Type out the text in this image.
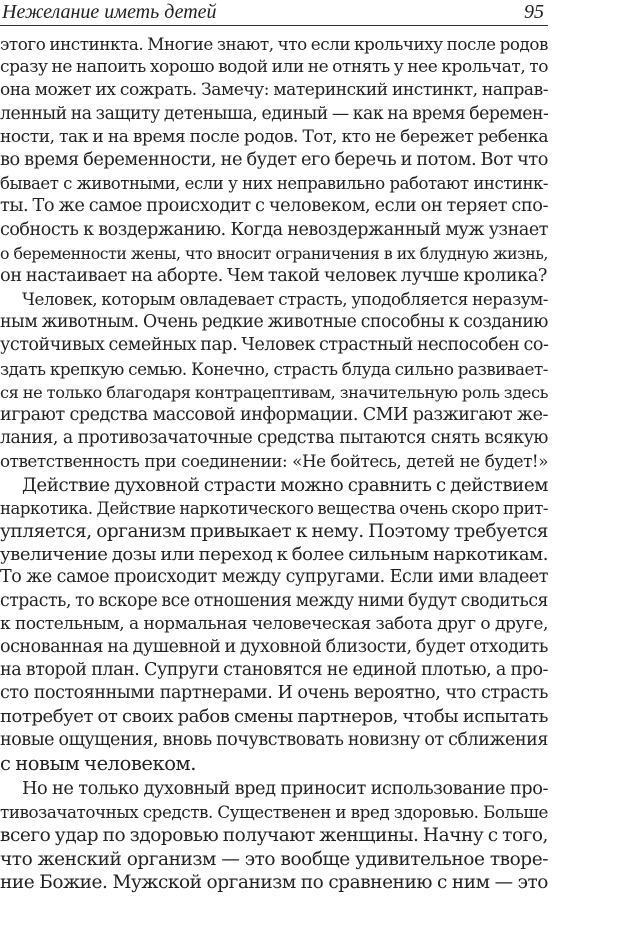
Нежелание иметь детей	95
этого инстинкта. Многие знают, что если крольчиху после родов
сразу не напоить хорошо водой или не отнять у нее крольчат, то
она может их сожрать. Замечу: материнский инстинкт, направ-
ленный на защиту детеныша, единый — как на время беремен-
ности, так и на время после родов. Тот, кто не бережет ребенка
во время беременности, не будет его беречь и потом. Вот что
бывает с животными, если у них неправильно работают инстинк-
ты. То же самое происходит с человеком, если он теряет спо-
собность к воздержанию. Когда невоздержанный муж узнает
о беременности жены, что вносит ограничения в их блудную жизнь,
он настаивает на аборте. Чем такой человек лучше кролика?
Человек, которым овладевает страсть, уподобляется неразум-
ным животным. Очень редкие животные способны к созданию
устойчивых семейных пар. Человек страстный неспособен со-
здать крепкую семью. Конечно, страсть блуда сильно развивает-
ся не только благодаря контрацептивам, значительную роль здесь
играют средства массовой информации. СМИ разжигают же-
лания, а противозачаточные средства пытаются снять всякую
ответственность при соединении: «Не бойтесь, детей не будет!»
Действие духовной страсти можно сравнить с действием
наркотика. Действие наркотического вещества очень скоро прит-
упляется, организм привыкает к нему. Поэтому требуется
увеличение дозы или переход к более сильным наркотикам.
То же самое происходит между супругами. Если ими владеет
страсть, то вскоре все отношения между ними будут сводиться
к постельным, а нормальная человеческая забота друг о друге,
основанная на душевной и духовной близости, будет отходить
на второй план. Супруги становятся не единой плотью, а про-
сто постоянными партнерами. И очень вероятно, что страсть
потребует от своих рабов смены партнеров, чтобы испытать
новые ощущения, вновь почувствовать новизну от сближения
с новым человеком.
Но не только духовный вред приносит использование про-
тивозачаточных средств. Существенен и вред здоровью. Больше
всего удар по здоровью получают женщины. Начну с того,
что женский организм — это вообще удивительное творе-
ние Божие. Мужской организм по сравнению с ним — это
